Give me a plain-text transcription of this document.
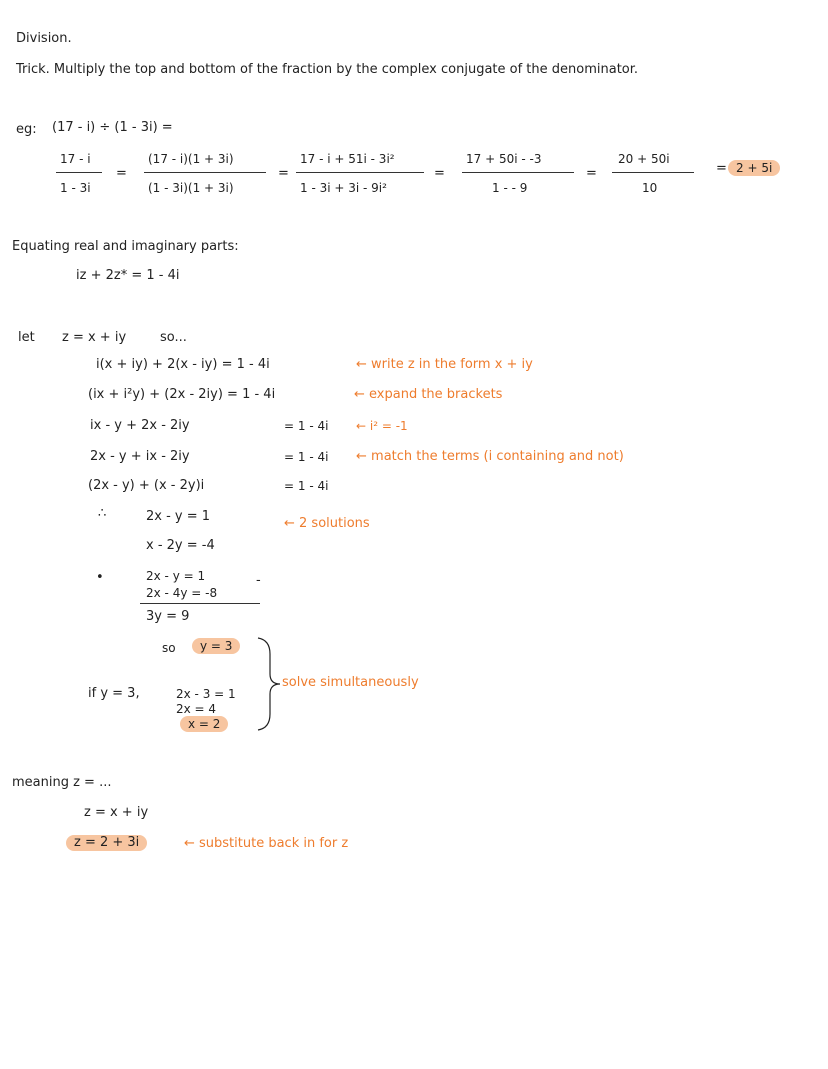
Division.
Trick. Multiply the top and bottom of the fraction by the complex conjugate of the denominator.
eg: (17 - i) ÷ (1 - 3i) =
17 - i
1 - 3i
=
(17 - i)(1 + 3i)
(1 - 3i)(1 + 3i)
=
17 - i + 51i - 3i²
1 - 3i + 3i - 9i²
=
17 + 50i - -3
1 - - 9
=
20 + 50i
10
= 2 + 5i
Equating real and imaginary parts:
iz + 2z* = 1 - 4i
let z = x + iy	so...
i(x + iy) + 2(x - iy) = 1 - 4i	← write z in the form x + iy
(ix + i²y) + (2x - 2iy) = 1 - 4i	← expand the brackets
ix - y + 2x - 2iy	= 1 - 4i ← i² = -1
2x - y + ix - 2iy	= 1 - 4i ← match the terms (i containing and not)
(2x - y) + (x - 2y)i	= 1 - 4i
∴	2x - y = 1	← 2 solutions
x - 2y = -4
•	2x - y = 1
2x - 4y = -8
-
3y = 9
so	y = 3
if y = 3,	2x - 3 = 1
2x = 4
x = 2
solve simultaneously
meaning z = ...
z = x + iy
z = 2 + 3i	← substitute back in for z
